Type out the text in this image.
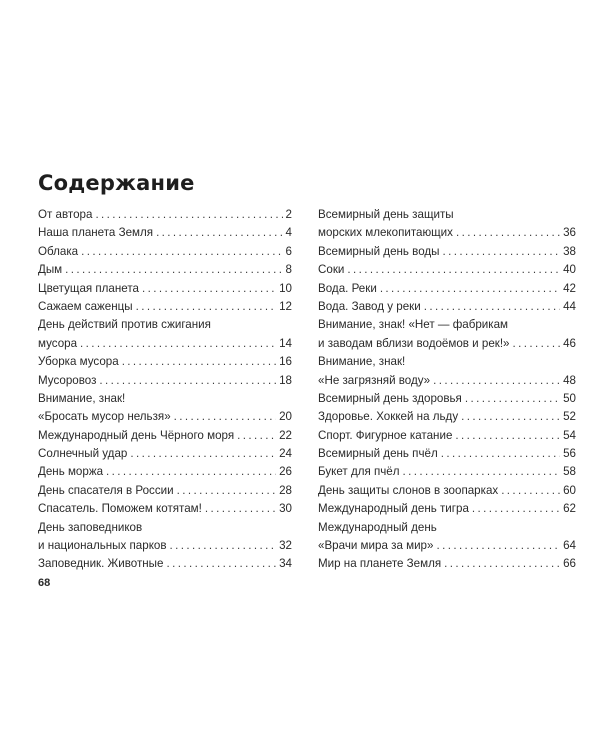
Содержание
От автора .....	2
Наша планета Земля .....	4
Облака .....	6
Дым .....	8
Цветущая планета .....	10
Сажаем саженцы .....	12
День действий против сжигания
мусора .....	14
Уборка мусора .....	16
Мусоровоз .....	18
Внимание, знак!
«Бросать мусор нельзя» .....	20
Международный день Чёрного моря .....	22
Солнечный удар .....	24
День моржа .....	26
День спасателя в России .....	28
Спасатель. Поможем котятам! .....	30
День заповедников
и национальных парков .....	32
Заповедник. Животные .....	34
Всемирный день защиты
морских млекопитающих .....	36
Всемирный день воды .....	38
Соки .....	40
Вода. Реки .....	42
Вода. Завод у реки .....	44
Внимание, знак! «Нет — фабрикам
и заводам вблизи водоёмов и рек!» .....	46
Внимание, знак!
«Не загрязняй воду» .....	48
Всемирный день здоровья .....	50
Здоровье. Хоккей на льду .....	52
Спорт. Фигурное катание .....	54
Всемирный день пчёл .....	56
Букет для пчёл .....	58
День защиты слонов в зоопарках .....	60
Международный день тигра .....	62
Международный день
«Врачи мира за мир» .....	64
Мир на планете Земля .....	66
68
